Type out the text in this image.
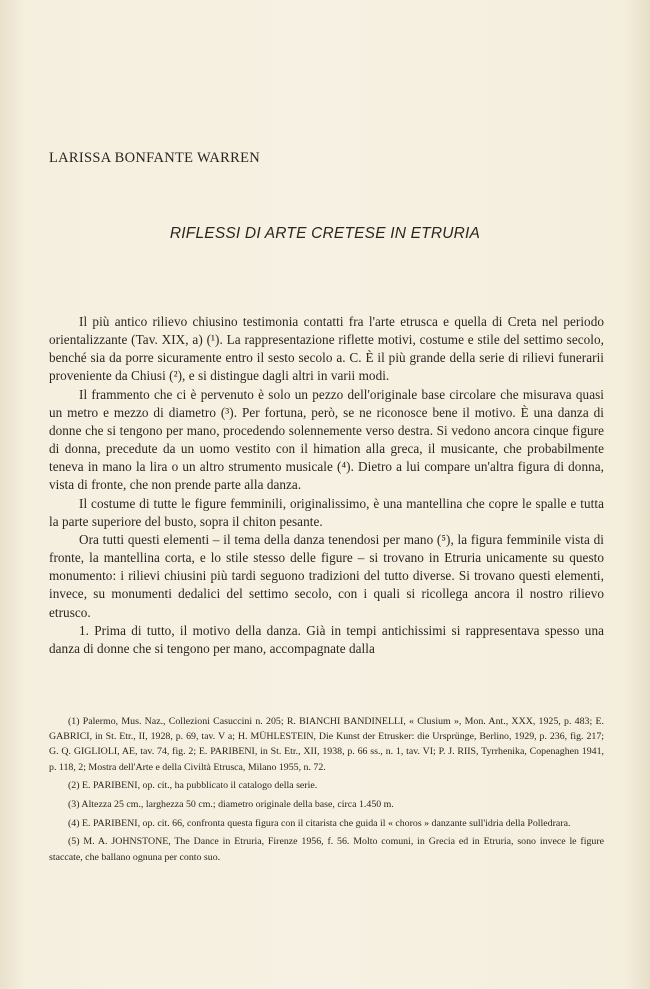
LARISSA BONFANTE WARREN
RIFLESSI DI ARTE CRETESE IN ETRURIA

Il più antico rilievo chiusino testimonia contatti fra l'arte etrusca e quella di Creta nel periodo orientalizzante (Tav. XIX, a) (¹). La rappresentazione riflette motivi, costume e stile del settimo secolo, benché sia da porre sicuramente entro il sesto secolo a. C. È il più grande della serie di rilievi funerarii proveniente da Chiusi (²), e si distingue dagli altri in varii modi.

Il frammento che ci è pervenuto è solo un pezzo dell'originale base circolare che misurava quasi un metro e mezzo di diametro (³). Per fortuna, però, se ne riconosce bene il motivo. È una danza di donne che si tengono per mano, procedendo solennemente verso destra. Si vedono ancora cinque figure di donna, precedute da un uomo vestito con il himation alla greca, il musicante, che probabilmente teneva in mano la lira o un altro strumento musicale (⁴). Dietro a lui compare un'altra figura di donna, vista di fronte, che non prende parte alla danza.

Il costume di tutte le figure femminili, originalissimo, è una mantellina che copre le spalle e tutta la parte superiore del busto, sopra il chiton pesante.

Ora tutti questi elementi – il tema della danza tenendosi per mano (⁵), la figura femminile vista di fronte, la mantellina corta, e lo stile stesso delle figure – si trovano in Etruria unicamente su questo monumento: i rilievi chiusini più tardi seguono tradizioni del tutto diverse. Si trovano questi elementi, invece, su monumenti dedalici del settimo secolo, con i quali si ricollega ancora il nostro rilievo etrusco.

1. Prima di tutto, il motivo della danza. Già in tempi antichissimi si rappresentava spesso una danza di donne che si tengono per mano, accompagnate dalla

(1) Palermo, Mus. Naz., Collezioni Casuccini n. 205; R. BIANCHI BANDINELLI, « Clusium », Mon. Ant., XXX, 1925, p. 483; E. GABRICI, in St. Etr., II, 1928, p. 69, tav. V a; H. MÜHLESTEIN, Die Kunst der Etrusker: die Ursprünge, Berlino, 1929, p. 236, fig. 217; G. Q. GIGLIOLI, AE, tav. 74, fig. 2; E. PARIBENI, in St. Etr., XII, 1938, p. 66 ss., n. 1, tav. VI; P. J. RIIS, Tyrrhenika, Copenaghen 1941, p. 118, 2; Mostra dell'Arte e della Civiltà Etrusca, Milano 1955, n. 72.

(2) E. PARIBENI, op. cit., ha pubblicato il catalogo della serie.

(3) Altezza 25 cm., larghezza 50 cm.; diametro originale della base, circa 1.450 m.

(4) E. PARIBENI, op. cit. 66, confronta questa figura con il citarista che guida il « choros » danzante sull'idria della Polledrara.

(5) M. A. JOHNSTONE, The Dance in Etruria, Firenze 1956, f. 56. Molto comuni, in Grecia ed in Etruria, sono invece le figure staccate, che ballano ognuna per conto suo.
